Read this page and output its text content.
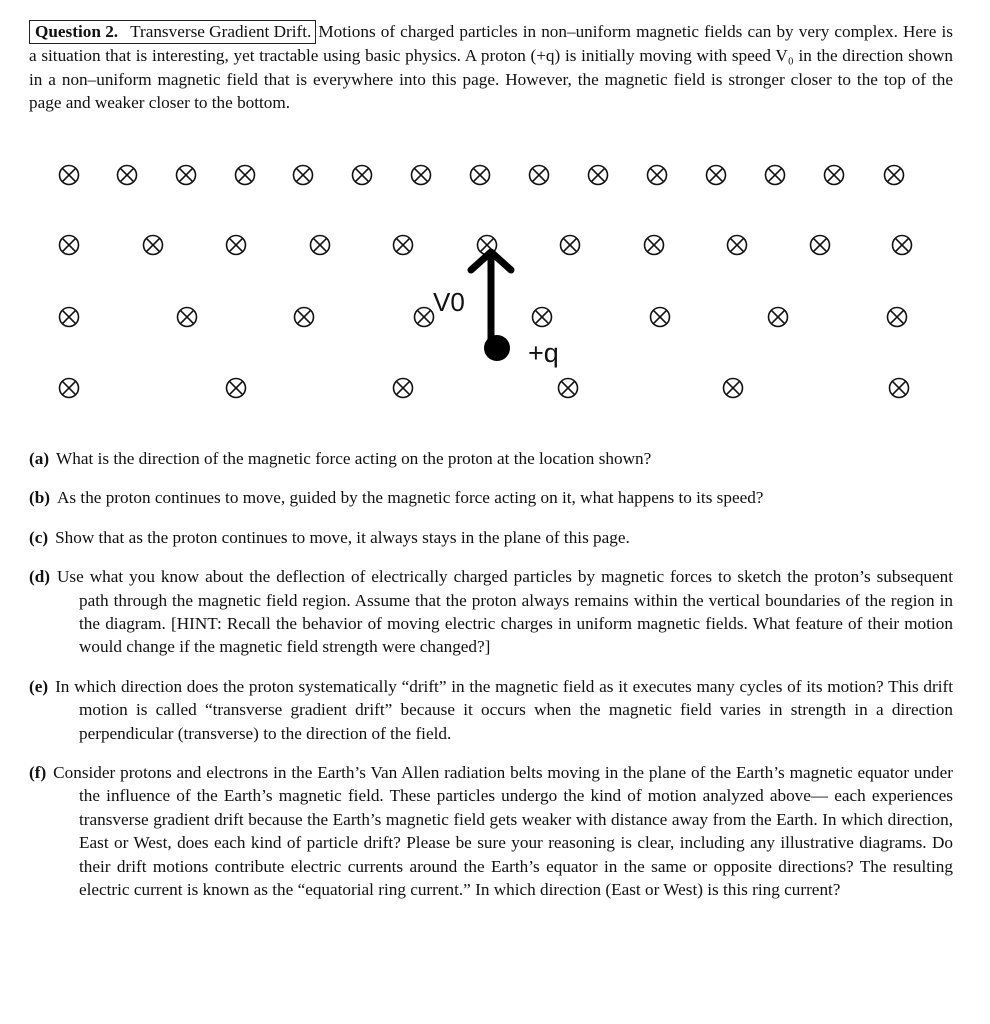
Question 2. Transverse Gradient Drift. Motions of charged particles in non–uniform magnetic fields can by very complex. Here is a situation that is interesting, yet tractable using basic physics. A proton (+q) is initially moving with speed V₀ in the direction shown in a non–uniform magnetic field that is everywhere into this page. However, the magnetic field is stronger closer to the top of the page and weaker closer to the bottom.
V0
+q
(a) What is the direction of the magnetic force acting on the proton at the location shown?
(b) As the proton continues to move, guided by the magnetic force acting on it, what happens to its speed?
(c) Show that as the proton continues to move, it always stays in the plane of this page.
(d) Use what you know about the deflection of electrically charged particles by magnetic forces to sketch the proton’s subsequent path through the magnetic field region. Assume that the proton always remains within the vertical boundaries of the region in the diagram. [HINT: Recall the behavior of moving electric charges in uniform magnetic fields. What feature of their motion would change if the magnetic field strength were changed?]
(e) In which direction does the proton systematically “drift” in the magnetic field as it executes many cycles of its motion? This drift motion is called “transverse gradient drift” because it occurs when the magnetic field varies in strength in a direction perpendicular (transverse) to the direction of the field.
(f) Consider protons and electrons in the Earth’s Van Allen radiation belts moving in the plane of the Earth’s magnetic equator under the influence of the Earth’s magnetic field. These particles undergo the kind of motion analyzed above— each experiences transverse gradient drift because the Earth’s magnetic field gets weaker with distance away from the Earth. In which direction, East or West, does each kind of particle drift? Please be sure your reasoning is clear, including any illustrative diagrams. Do their drift motions contribute electric currents around the Earth’s equator in the same or opposite directions? The resulting electric current is known as the “equatorial ring current.” In which direction (East or West) is this ring current?
